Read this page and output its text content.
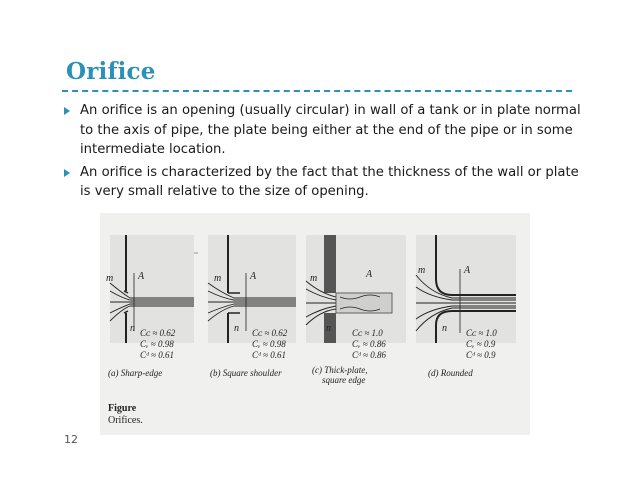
Orifice
An orifice is an opening (usually circular) in wall of a tank or in plate normal to the axis of pipe, the plate being either at the end of the pipe or in some intermediate location.
An orifice is characterized by the fact that the thickness of the wall or plate is very small relative to the size of opening.
m A
n Cᴄ ≈ 0.62
Cᵥ ≈ 0.98
Cᵈ ≈ 0.61
(a) Sharp-edge
m	A
n Cᴄ ≈ 0.62
Cᵥ ≈ 0.98
Cᵈ ≈ 0.61
(b) Square shoulder
m	A
n Cᴄ ≈ 1.0
Cᵥ ≈ 0.86
Cᵈ ≈ 0.86
(c) Thick-plate,
square edge
m	A
n Cᴄ ≈ 1.0
Cᵥ ≈ 0.9
Cᵈ ≈ 0.9
(d) Rounded
Figure
Orifices.
12
